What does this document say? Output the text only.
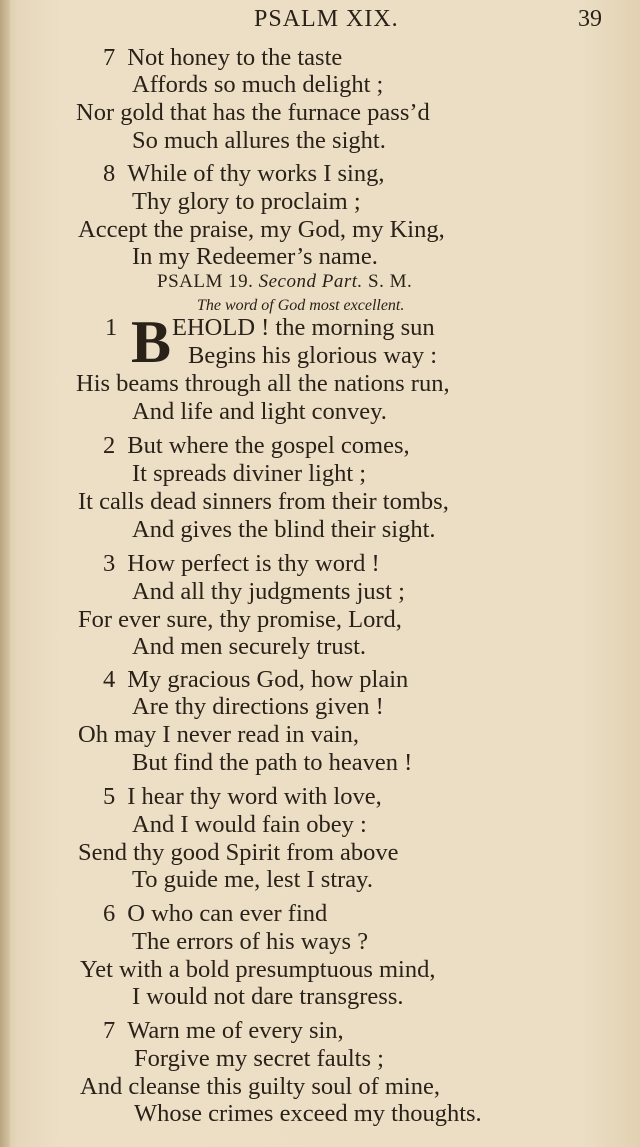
PSALM XIX.	39
7 Not honey to the taste
Affords so much delight ;
Nor gold that has the furnace pass’d
So much allures the sight.
8 While of thy works I sing,
Thy glory to proclaim ;
Accept the praise, my God, my King,
In my Redeemer’s name.
PSALM 19. Second Part. S. M.
The word of God most excellent.
1 B EHOLD ! the morning sun
Begins his glorious way :
His beams through all the nations run,
And life and light convey.
2 But where the gospel comes,
It spreads diviner light ;
It calls dead sinners from their tombs,
And gives the blind their sight.
3 How perfect is thy word !
And all thy judgments just ;
For ever sure, thy promise, Lord,
And men securely trust.
4 My gracious God, how plain
Are thy directions given !
Oh may I never read in vain,
But find the path to heaven !
5 I hear thy word with love,
And I would fain obey :
Send thy good Spirit from above
To guide me, lest I stray.
6 O who can ever find
The errors of his ways ?
Yet with a bold presumptuous mind,
I would not dare transgress.
7 Warn me of every sin,
Forgive my secret faults ;
And cleanse this guilty soul of mine,
Whose crimes exceed my thoughts.
